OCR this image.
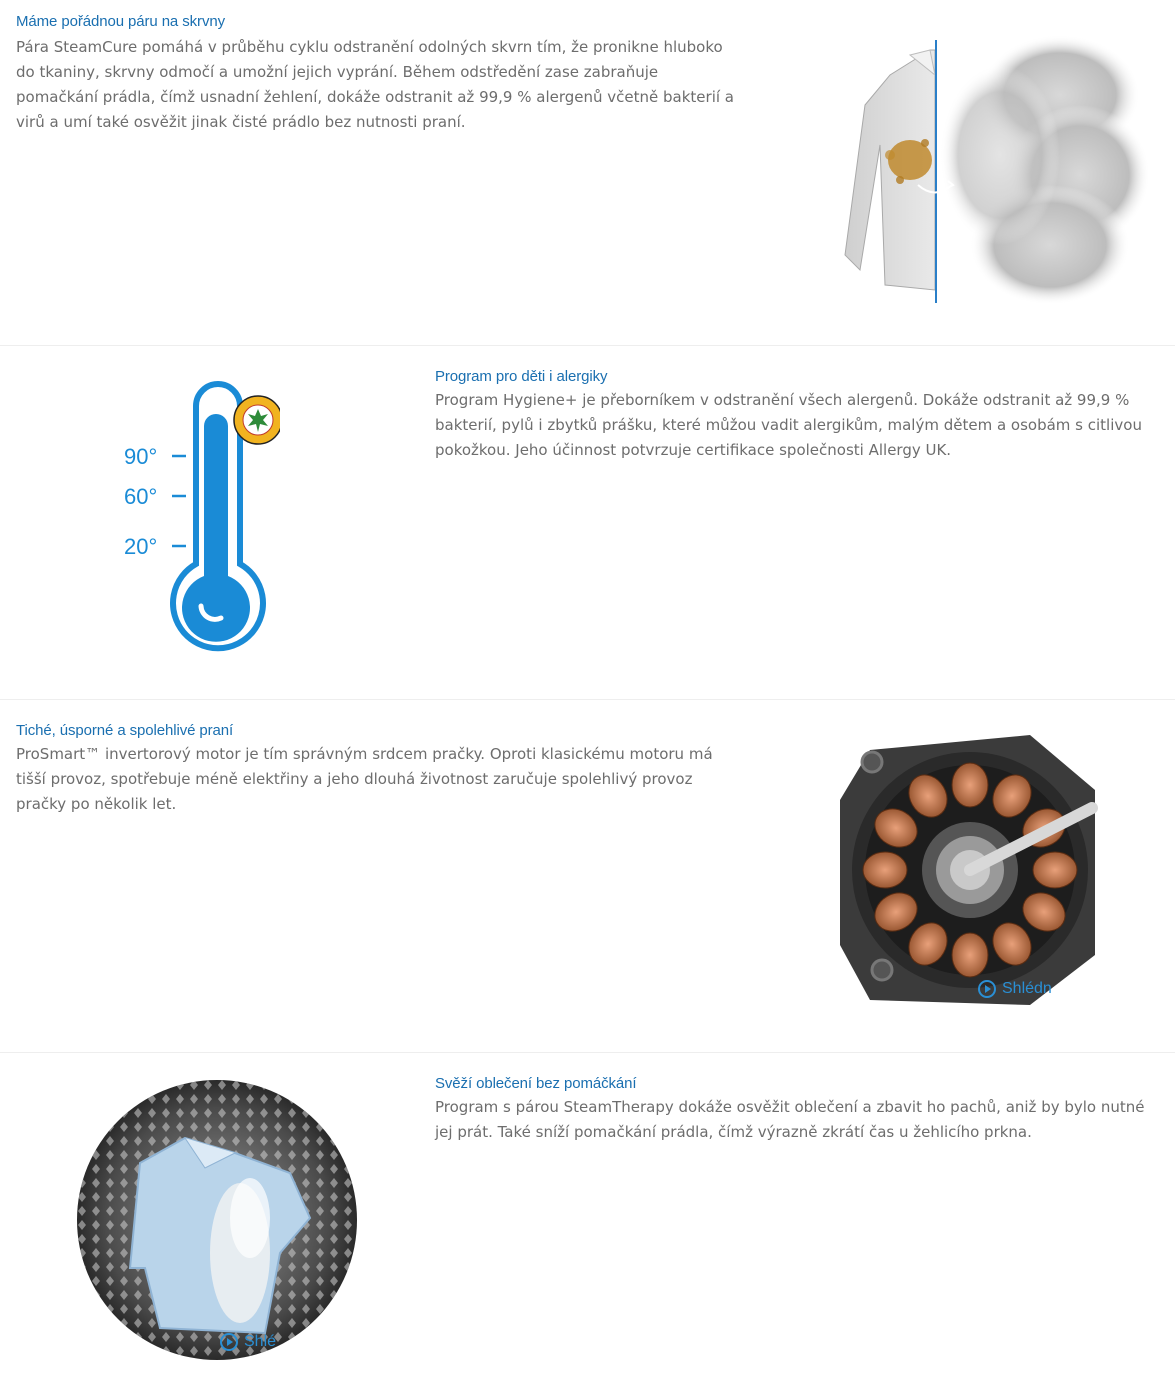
Máme pořádnou páru na skrvny
Pára SteamCure pomáhá v průběhu cyklu odstranění odolných skvrn tím, že pronikne hluboko do tkaniny, skrvny odmočí a umožní jejich vyprání. Během odstředění zase zabraňuje pomačkání prádla, čímž usnadní žehlení, dokáže odstranit až 99,9 % alergenů včetně bakterií a virů a umí také osvěžit jinak čisté prádlo bez nutnosti praní.
90°
60°
20°
Program pro děti i alergiky
Program Hygiene+ je přeborníkem v odstranění všech alergenů. Dokáže odstranit až 99,9 % bakterií, pylů i zbytků prášku, které můžou vadit alergikům, malým dětem a osobám s citlivou pokožkou. Jeho účinnost potvrzuje certifikace společnosti Allergy UK.
Tiché, úsporné a spolehlivé praní
ProSmart™ invertorový motor je tím správným srdcem pračky. Oproti klasickému motoru má tišší provoz, spotřebuje méně elektřiny a jeho dlouhá životnost zaručuje spolehlivý provoz pračky po několik let.
Shlédn
Shlé
Svěží oblečení bez pomáčkání
Program s párou SteamTherapy dokáže osvěžit oblečení a zbavit ho pachů, aniž by bylo nutné jej prát. Také sníží pomačkání prádla, čímž výrazně zkrátí čas u žehlicího prkna.
